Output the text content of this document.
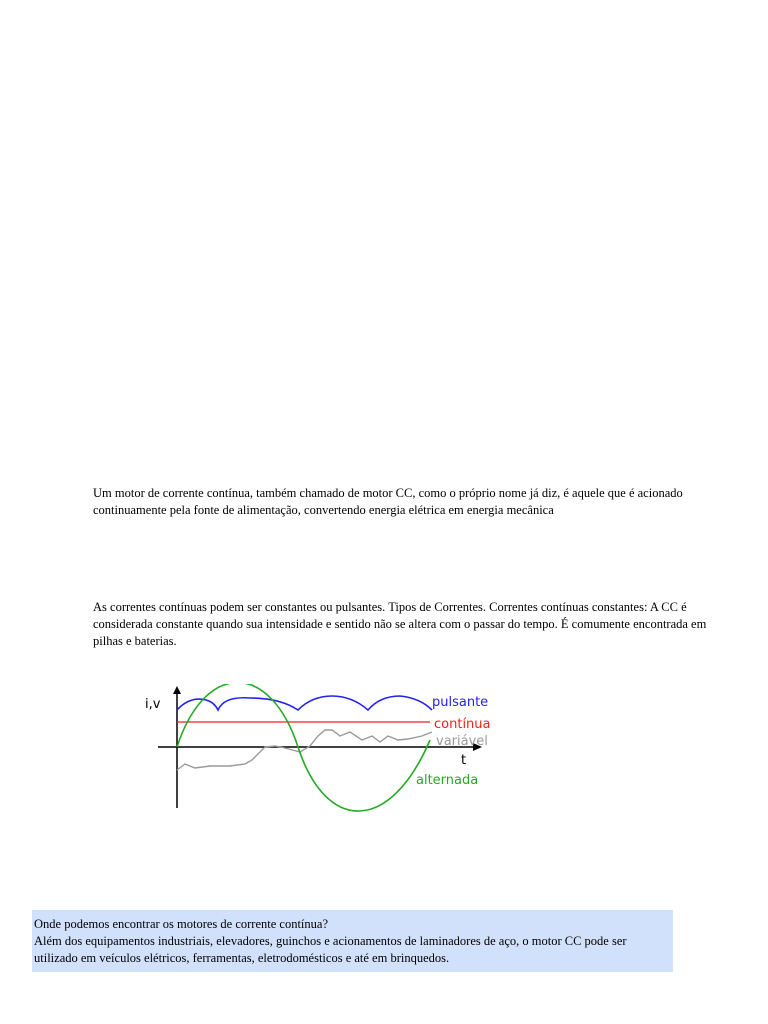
Um motor de corrente contínua, também chamado de motor CC, como o próprio nome já diz, é aquele que é acionado continuamente pela fonte de alimentação, convertendo energia elétrica em energia mecânica

As correntes contínuas podem ser constantes ou pulsantes. Tipos de Correntes. Correntes contínuas constantes: A CC é considerada constante quando sua intensidade e sentido não se altera com o passar do tempo. É comumente encontrada em pilhas e baterias.

i,v
t
pulsante
contínua
variável
alternada

Onde podemos encontrar os motores de corrente contínua?

Além dos equipamentos industriais, elevadores, guinchos e acionamentos de laminadores de aço, o motor CC pode ser utilizado em veículos elétricos, ferramentas, eletrodomésticos e até em brinquedos.
